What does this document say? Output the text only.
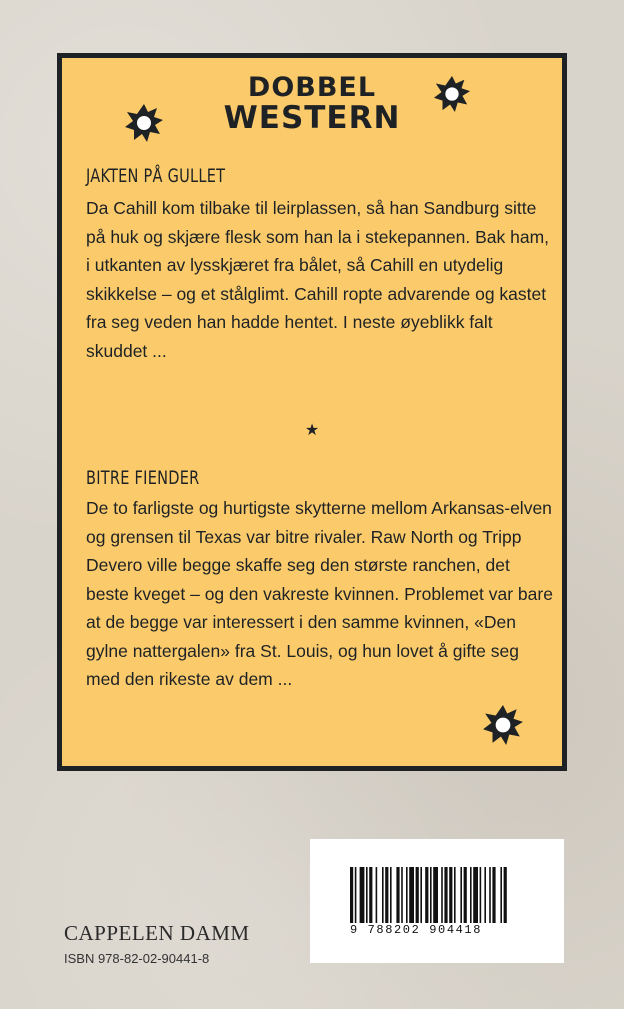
DOBBEL
WESTERN
JAKTEN PÅ GULLET

Da Cahill kom tilbake til leirplassen, så han Sandburg sitte på huk og skjære flesk som han la i stekepannen. Bak ham, i utkanten av lysskjæret fra bålet, så Cahill en utydelig skikkelse – og et stålglimt. Cahill ropte advarende og kastet fra seg veden han hadde hentet. I neste øyeblikk falt skuddet ...

★
BITRE FIENDER

De to farligste og hurtigste skytterne mellom Arkansas-elven og grensen til Texas var bitre rivaler. Raw North og Tripp Devero ville begge skaffe seg den største ranchen, det beste kveget – og den vakreste kvinnen. Problemet var bare at de begge var interessert i den samme kvinnen, «Den gylne nattergalen» fra St. Louis, og hun lovet å gifte seg med den rikeste av dem ...

CAPPELEN DAMM
ISBN 978-82-02-90441-8
9 788202 904418
